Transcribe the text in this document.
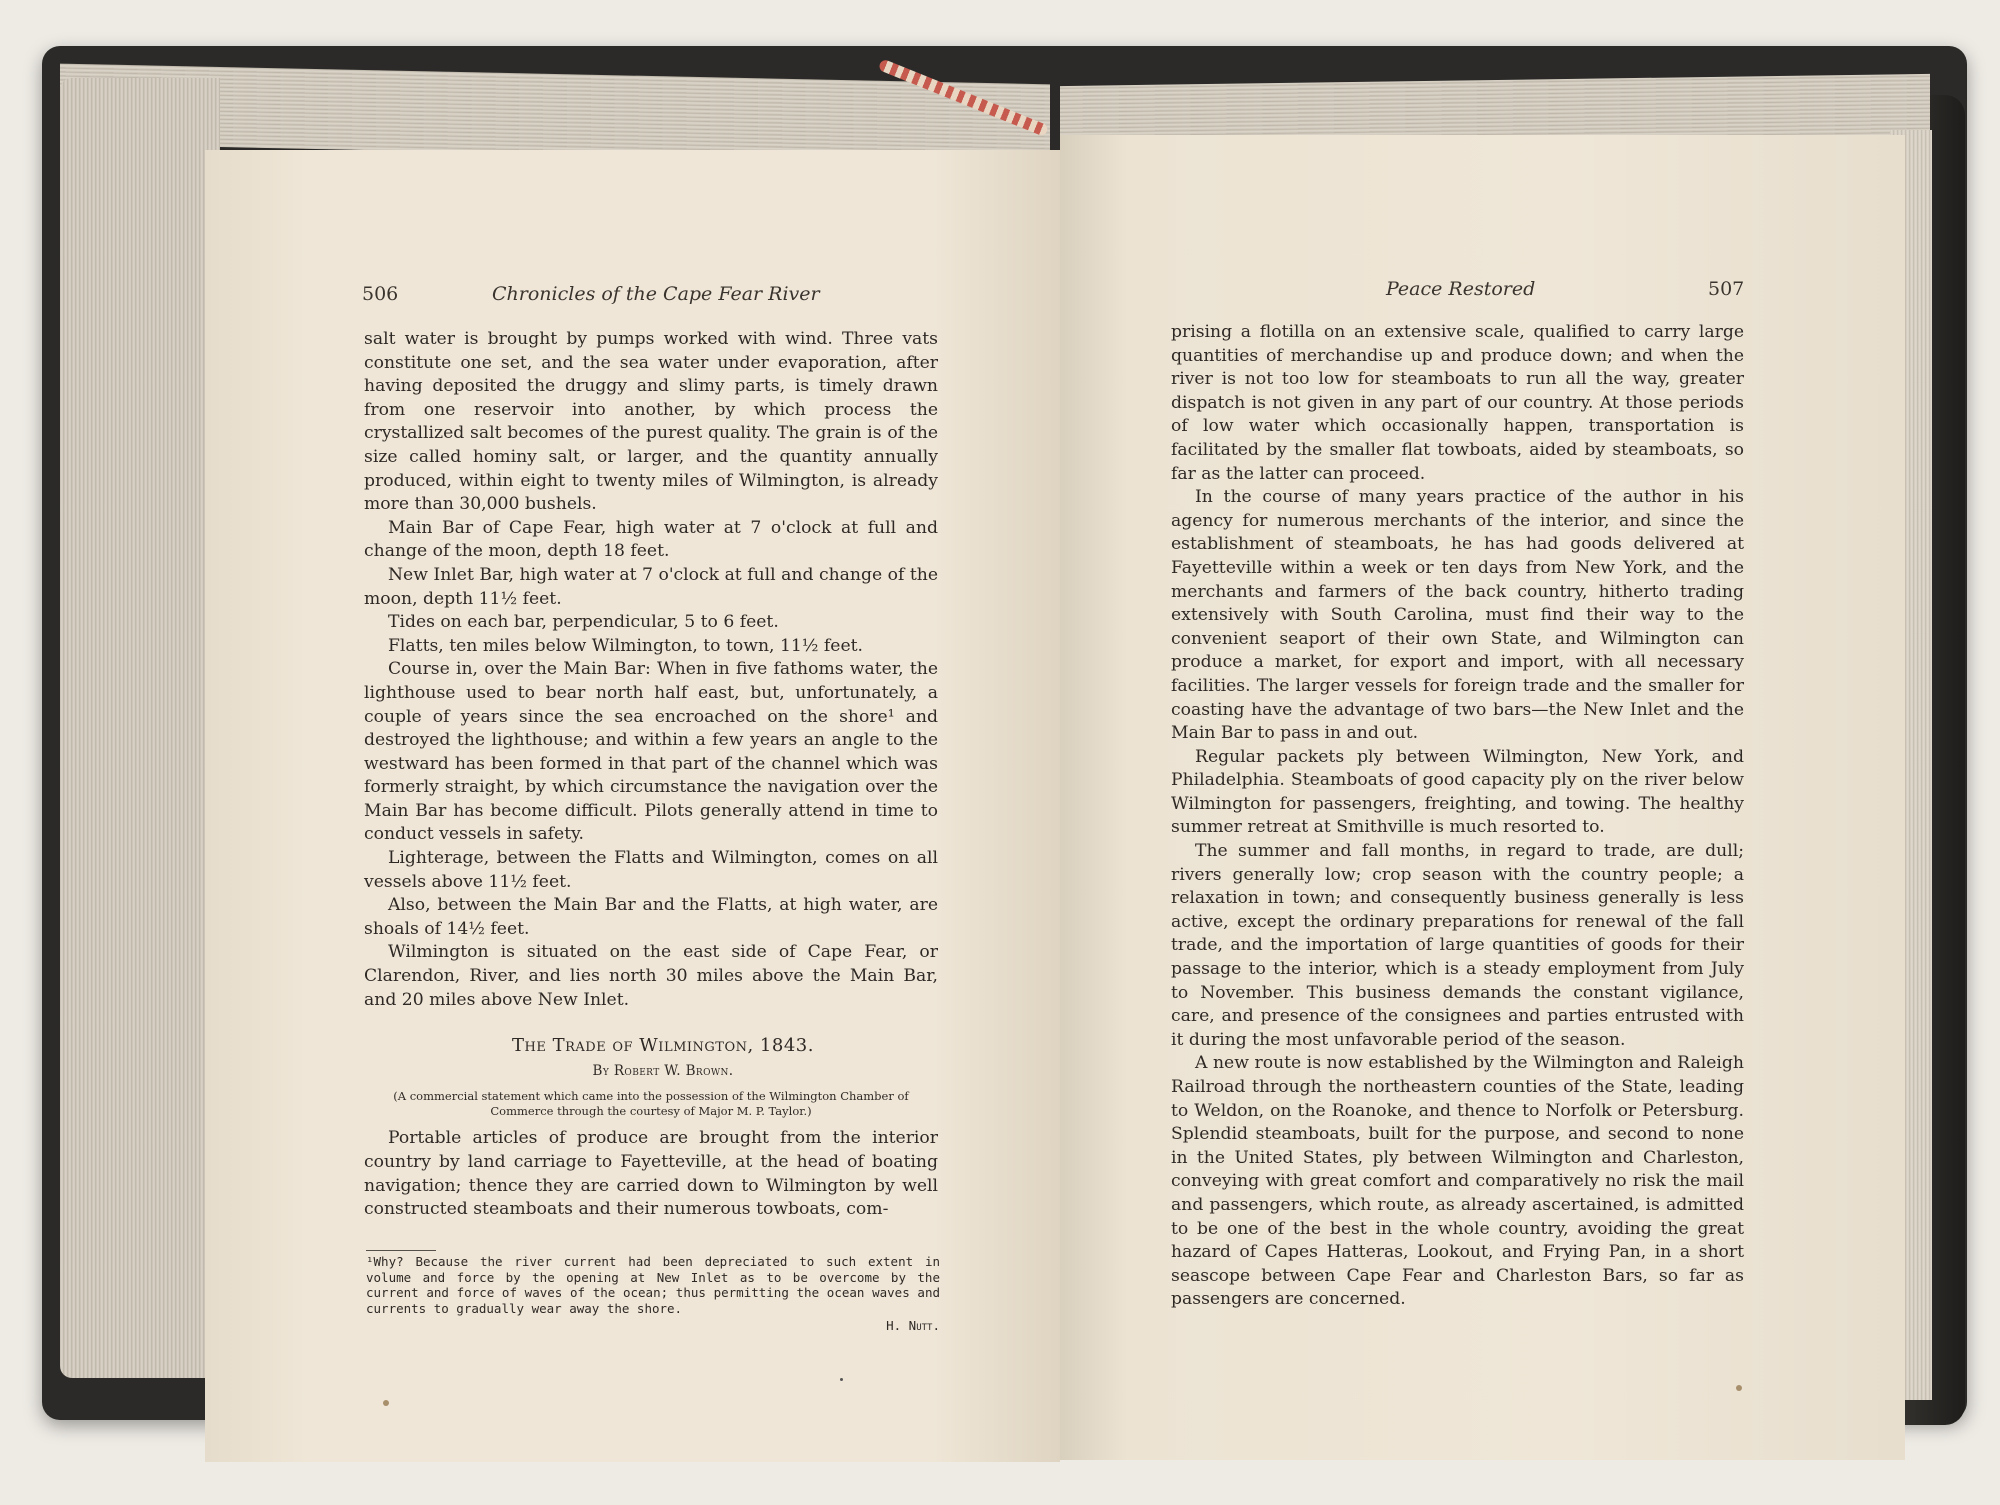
506	Chronicles of the Cape Fear River

salt water is brought by pumps worked with wind. Three vats constitute one set, and the sea water under evaporation, after having deposited the druggy and slimy parts, is timely drawn from one reservoir into another, by which process the crystallized salt becomes of the purest quality. The grain is of the size called hominy salt, or larger, and the quantity annually produced, within eight to twenty miles of Wilmington, is already more than 30,000 bushels.

Main Bar of Cape Fear, high water at 7 o'clock at full and change of the moon, depth 18 feet.

New Inlet Bar, high water at 7 o'clock at full and change of the moon, depth 11½ feet.

Tides on each bar, perpendicular, 5 to 6 feet.

Flatts, ten miles below Wilmington, to town, 11½ feet.

Course in, over the Main Bar: When in five fathoms water, the lighthouse used to bear north half east, but, unfortunately, a couple of years since the sea encroached on the shore¹ and destroyed the lighthouse; and within a few years an angle to the westward has been formed in that part of the channel which was formerly straight, by which circumstance the navigation over the Main Bar has become difficult. Pilots generally attend in time to conduct vessels in safety.

Lighterage, between the Flatts and Wilmington, comes on all vessels above 11½ feet.

Also, between the Main Bar and the Flatts, at high water, are shoals of 14½ feet.

Wilmington is situated on the east side of Cape Fear, or Clarendon, River, and lies north 30 miles above the Main Bar, and 20 miles above New Inlet.

The Trade of Wilmington, 1843.

By Robert W. Brown.

(A commercial statement which came into the possession of the Wilmington Chamber of Commerce through the courtesy of Major M. P. Taylor.)

Portable articles of produce are brought from the interior country by land carriage to Fayetteville, at the head of boating navigation; thence they are carried down to Wilmington by well constructed steamboats and their numerous towboats, com-

¹Why? Because the river current had been depreciated to such extent in volume and force by the opening at New Inlet as to be overcome by the current and force of waves of the ocean; thus permitting the ocean waves and currents to gradually wear away the shore.
H. Nutt.
Peace Restored	507

prising a flotilla on an extensive scale, qualified to carry large quantities of merchandise up and produce down; and when the river is not too low for steamboats to run all the way, greater dispatch is not given in any part of our country. At those periods of low water which occasionally happen, transportation is facilitated by the smaller flat towboats, aided by steamboats, so far as the latter can proceed.

In the course of many years practice of the author in his agency for numerous merchants of the interior, and since the establishment of steamboats, he has had goods delivered at Fayetteville within a week or ten days from New York, and the merchants and farmers of the back country, hitherto trading extensively with South Carolina, must find their way to the convenient seaport of their own State, and Wilmington can produce a market, for export and import, with all necessary facilities. The larger vessels for foreign trade and the smaller for coasting have the advantage of two bars—the New Inlet and the Main Bar to pass in and out.

Regular packets ply between Wilmington, New York, and Philadelphia. Steamboats of good capacity ply on the river below Wilmington for passengers, freighting, and towing. The healthy summer retreat at Smithville is much resorted to.

The summer and fall months, in regard to trade, are dull; rivers generally low; crop season with the country people; a relaxation in town; and consequently business generally is less active, except the ordinary preparations for renewal of the fall trade, and the importation of large quantities of goods for their passage to the interior, which is a steady employment from July to November. This business demands the constant vigilance, care, and presence of the consignees and parties entrusted with it during the most unfavorable period of the season.

A new route is now established by the Wilmington and Raleigh Railroad through the northeastern counties of the State, leading to Weldon, on the Roanoke, and thence to Norfolk or Petersburg. Splendid steamboats, built for the purpose, and second to none in the United States, ply between Wilmington and Charleston, conveying with great comfort and comparatively no risk the mail and passengers, which route, as already ascertained, is admitted to be one of the best in the whole country, avoiding the great hazard of Capes Hatteras, Lookout, and Frying Pan, in a short seascope between Cape Fear and Charleston Bars, so far as passengers are concerned.
